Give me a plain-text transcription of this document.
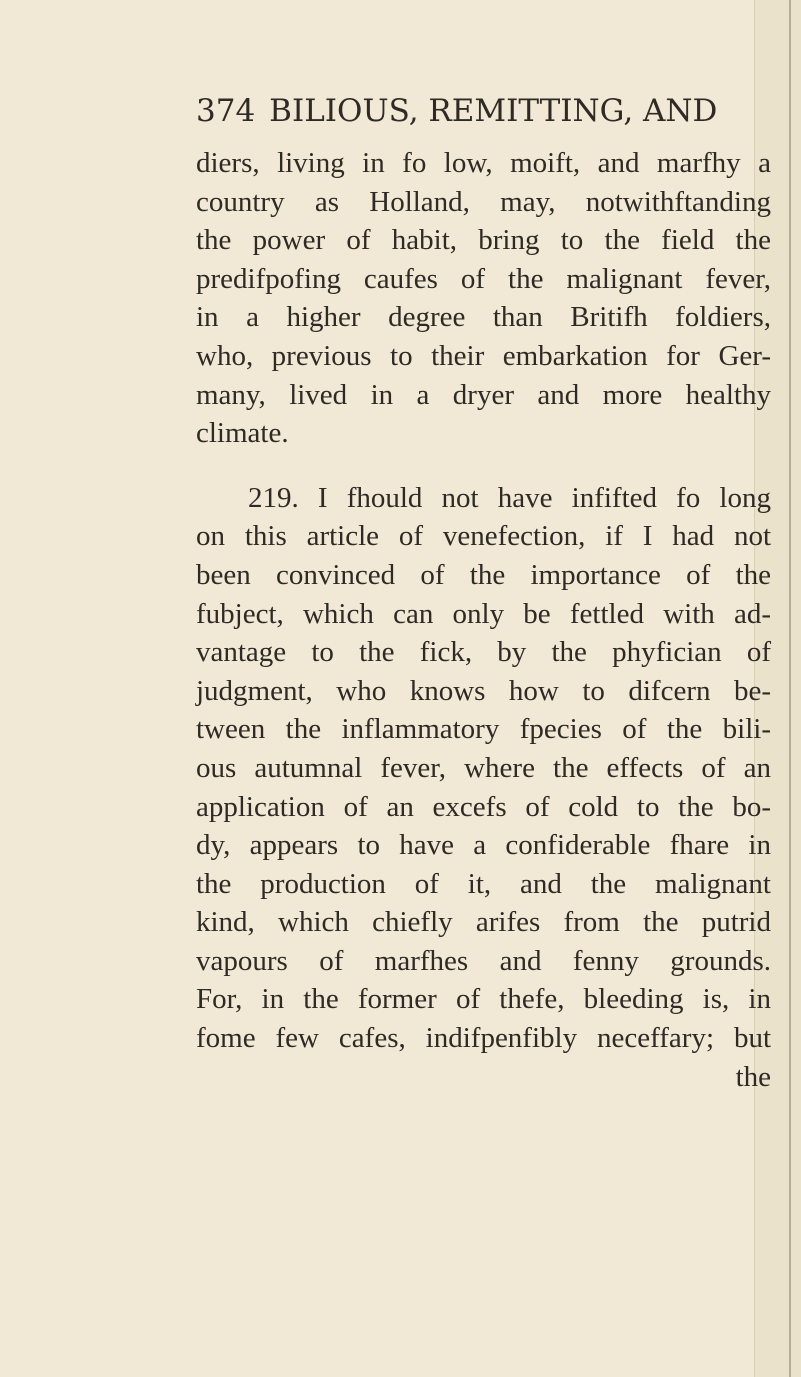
374 BILIOUS, REMITTING, AND
diers, living in fo low, moift, and marfhy a
country as Holland, may, notwithftanding
the power of habit, bring to the field the
predifpofing caufes of the malignant fever,
in a higher degree than Britifh foldiers,
who, previous to their embarkation for Ger-
many, lived in a dryer and more healthy
climate.
219. I fhould not have infifted fo long
on this article of venefection, if I had not
been convinced of the importance of the
fubject, which can only be fettled with ad-
vantage to the fick, by the phyfician of
judgment, who knows how to difcern be-
tween the inflammatory fpecies of the bili-
ous autumnal fever, where the effects of an
application of an excefs of cold to the bo-
dy, appears to have a confiderable fhare in
the production of it, and the malignant
kind, which chiefly arifes from the putrid
vapours of marfhes and fenny grounds.
For, in the former of thefe, bleeding is, in
fome few cafes, indifpenfibly neceffary; but
the
